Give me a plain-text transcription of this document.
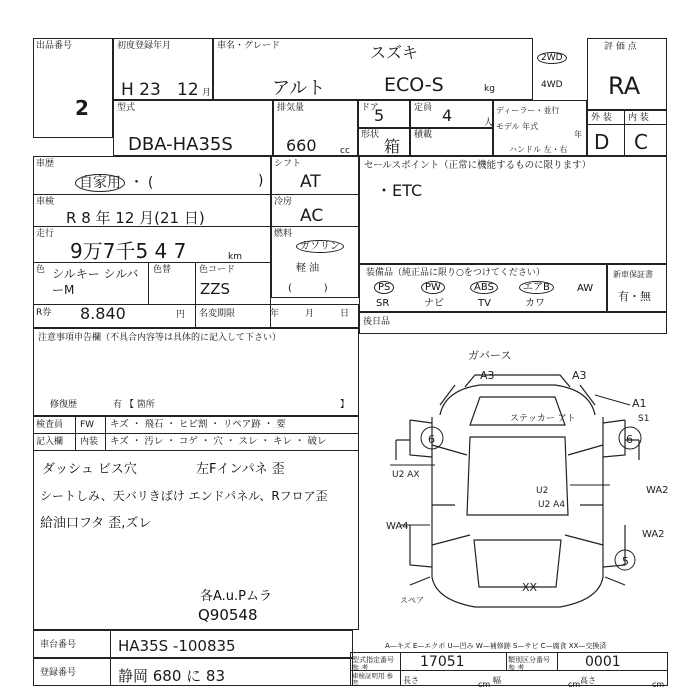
出品番号
2
初度登録年月
H 23 12 月
車名・グレード	スズキ
アルト	ECO-S	kg
2WD
4WD
評 価 点
RA
型式
DBA-HA35S
排気量
660	cc
ドア
5	定員 4	人
形状
箱
積載
ディーラー・並行
モデル 年式
年
ハンドル 左・右
外 装 内 装
D C
車歴
自家用 ・ (	)
車検
R 8 年 12 月(21 日)
走行
9万7千5 4 7	km
色 シルキー シルバーM
色替	色コード
ZZS
R券 8.840	円
シフト
AT
冷房
AC
燃料
ガソリン
軽 油
(          )
名変期限	年	月	日
セールスポイント（正常に機能するものに限ります）
・ETC
装備品（純正品に限り○をつけてください）
PS	PW	ABS	エアB	AW
SR	ナビ	TV	カワ
新車保証書
有・無
後日品
注意事項申告欄（不具合内容等は具体的に記入して下さい）
修復歴	有 【 箇所	】
検査員
記入欄
FW キズ ・ 飛石 ・ ヒビ割 ・ リペア跡 ・ 要
内装 キズ ・ 汚レ ・ コゲ ・ 穴 ・ スレ ・ キレ ・ 破レ
ダッシュ ビス穴	左Fインパネ 歪
シートしみ、天バリきばけ エンドパネル、Rフロア歪
給油口フタ 歪,ズレ
各A.u.Pムラ
Q90548
ガバース
A3	A3
ステッカー アト
A1
S1
6	6
U2 AX
U2
U2 A4
WA4
WA2
WA2
5
XX
スペア
車台番号	HA35S -100835
登録番号	静岡 680 に 83
A—キズ E—エクボ U—凹み W—補修跡 S—サビ C—腐食 XX—交換済
型式指定番号 参 考	17051	類別区分番号 参 考	0001
車検証明用 参 考	長さ	cm 幅	cm 高さ	cm
